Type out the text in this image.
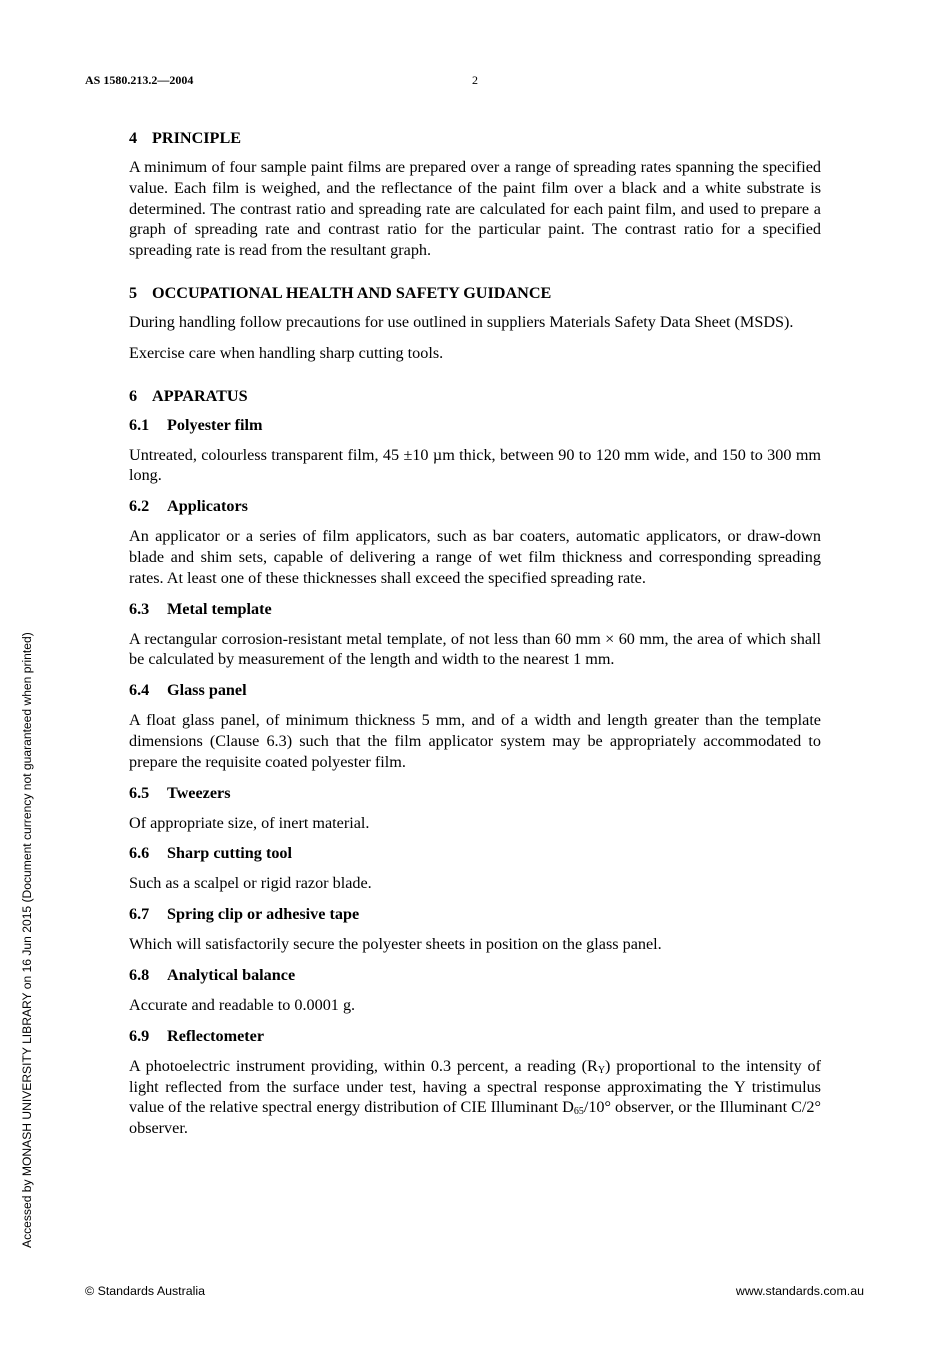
AS 1580.213.2—2004	2
Accessed by MONASH UNIVERSITY LIBRARY on 16 Jun 2015 (Document currency not guaranteed when printed)
4 PRINCIPLE

A minimum of four sample paint films are prepared over a range of spreading rates spanning the specified value. Each film is weighed, and the reflectance of the paint film over a black and a white substrate is determined. The contrast ratio and spreading rate are calculated for each paint film, and used to prepare a graph of spreading rate and contrast ratio for the particular paint. The contrast ratio for a specified spreading rate is read from the resultant graph.

5 OCCUPATIONAL HEALTH AND SAFETY GUIDANCE

During handling follow precautions for use outlined in suppliers Materials Safety Data Sheet (MSDS).

Exercise care when handling sharp cutting tools.

6 APPARATUS
6.1 Polyester film

Untreated, colourless transparent film, 45 ±10 µm thick, between 90 to 120 mm wide, and 150 to 300 mm long.

6.2 Applicators

An applicator or a series of film applicators, such as bar coaters, automatic applicators, or draw-down blade and shim sets, capable of delivering a range of wet film thickness and corresponding spreading rates. At least one of these thicknesses shall exceed the specified spreading rate.

6.3 Metal template

A rectangular corrosion-resistant metal template, of not less than 60 mm × 60 mm, the area of which shall be calculated by measurement of the length and width to the nearest 1 mm.

6.4 Glass panel

A float glass panel, of minimum thickness 5 mm, and of a width and length greater than the template dimensions (Clause 6.3) such that the film applicator system may be appropriately accommodated to prepare the requisite coated polyester film.

6.5 Tweezers

Of appropriate size, of inert material.

6.6 Sharp cutting tool

Such as a scalpel or rigid razor blade.

6.7 Spring clip or adhesive tape

Which will satisfactorily secure the polyester sheets in position on the glass panel.

6.8 Analytical balance

Accurate and readable to 0.0001 g.

6.9 Reflectometer

A photoelectric instrument providing, within 0.3 percent, a reading $(R_Y)$ proportional to the intensity of light reflected from the surface under test, having a spectral response approximating the Y tristimulus value of the relative spectral energy distribution of CIE Illuminant $D_{65}/10^\circ$ observer, or the Illuminant C/2° observer.

© Standards Australia	www.standards.com.au
